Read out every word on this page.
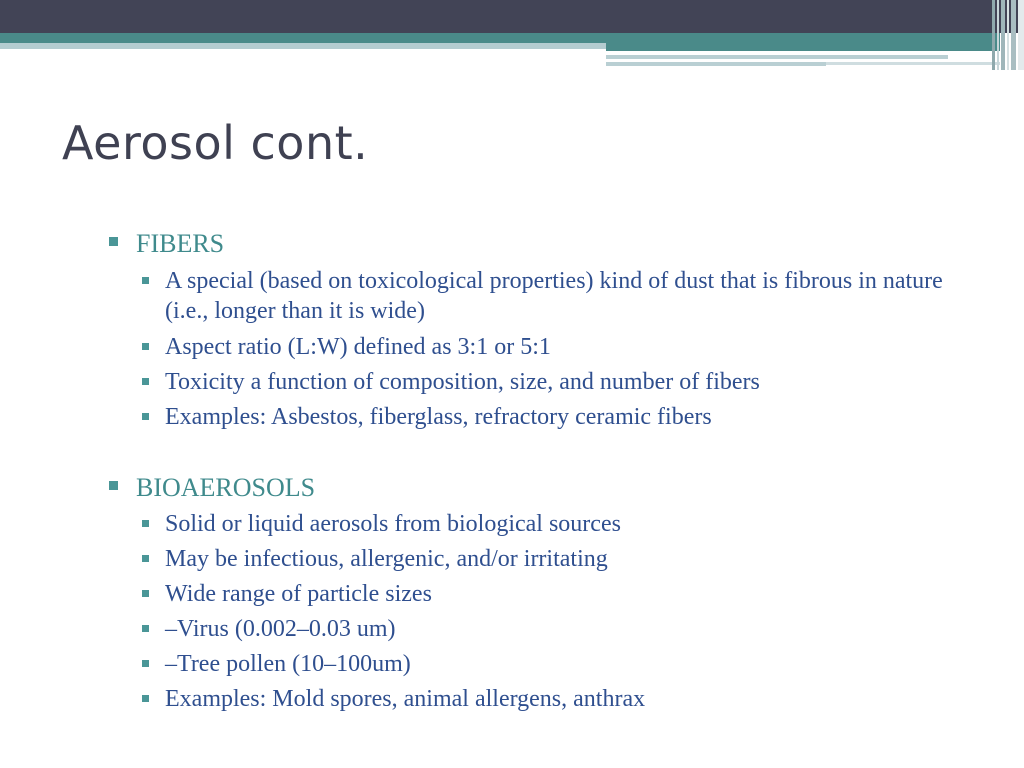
Aerosol cont.
FIBERS
A special (based on toxicological properties) kind of dust that is fibrous in nature (i.e., longer than it is wide)
Aspect ratio (L:W) defined as 3:1 or 5:1
Toxicity a function of composition, size, and number of fibers
Examples: Asbestos, fiberglass, refractory ceramic fibers
BIOAEROSOLS
Solid or liquid aerosols from biological sources
May be infectious, allergenic, and/or irritating
Wide range of particle sizes
–Virus (0.002–0.03 um)
–Tree pollen (10–100um)
Examples: Mold spores, animal allergens, anthrax
